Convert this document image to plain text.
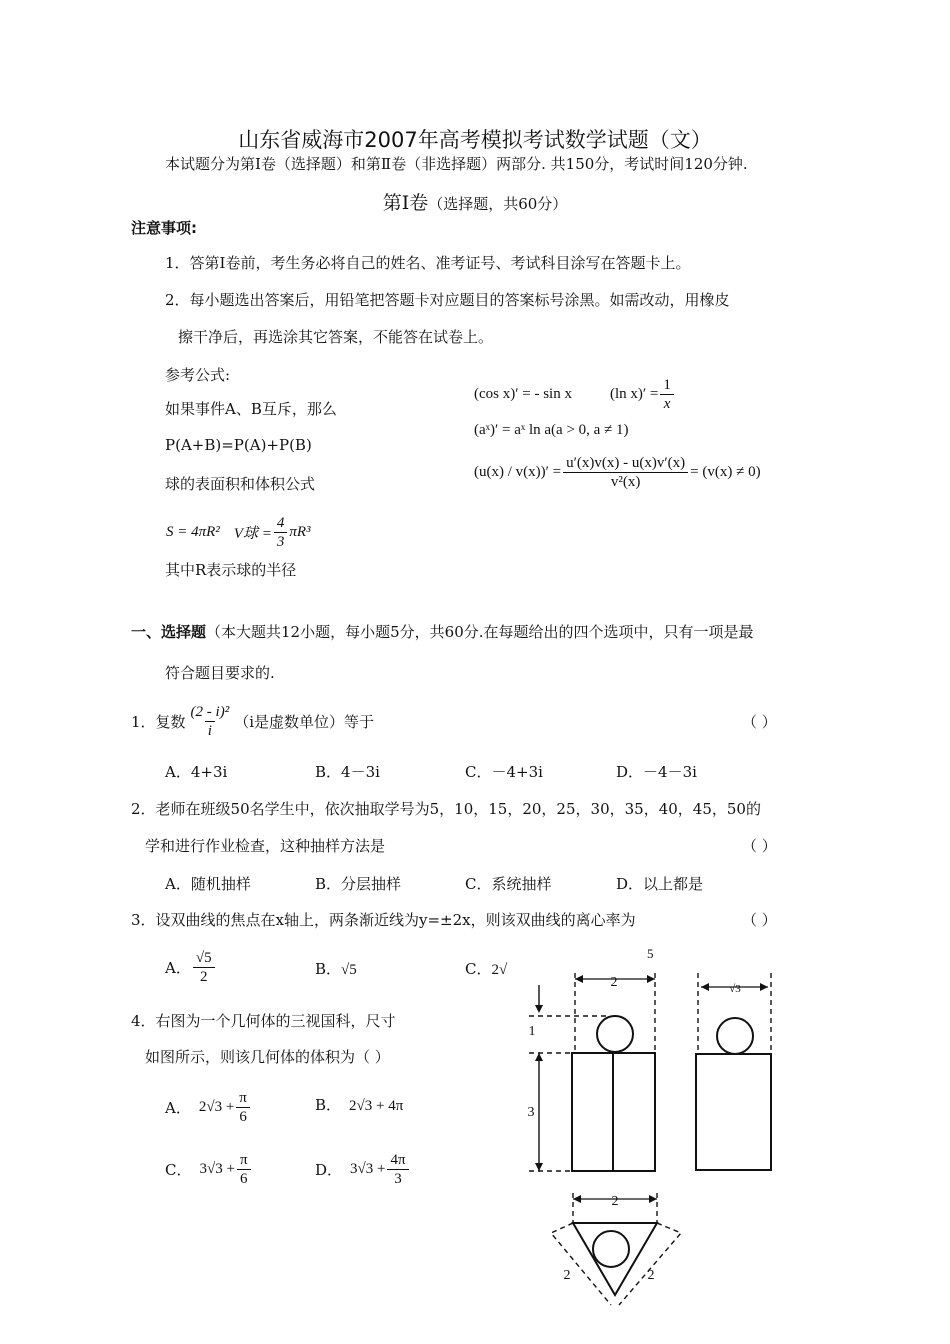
山东省威海市2007年高考模拟考试数学试题（文）
本试题分为第Ⅰ卷（选择题）和第Ⅱ卷（非选择题）两部分. 共150分，考试时间120分钟.
第Ⅰ卷（选择题，共60分）
注意事项:
1．答第I卷前，考生务必将自己的姓名、准考证号、考试科目涂写在答题卡上。
2．每小题选出答案后，用铅笔把答题卡对应题目的答案标号涂黑。如需改动，用橡皮
擦干净后，再选涂其它答案，不能答在试卷上。
参考公式:
如果事件A、B互斥，那么
P(A+B)=P(A)+P(B)
球的表面积和体积公式
S = 4πR² V球 = $\frac{4}{3} \pi R^3$
其中R表示球的半径
(cos x)′ = - sin x	(ln $x)' = \frac{1}{x}$
(aˣ)′ = aˣ ln a(a > 0, a ≠ 1)
$(u(x) / v(x))' = \frac{u'(x)v(x) - u(x)v'(x)}{\text{v²(x)}} = (v(x) \ne 0)$
一、选择题（本大题共12小题，每小题5分，共60分.在每题给出的四个选项中，只有一项是最
符合题目要求的.
1．复数 $\frac{\text{(2 - i)²}}{i} (i$是虚数单位）等于	（ ）
A．4+3i	B．4－3i	C．－4+3i	D．－4－3i
2．老师在班级50名学生中，依次抽取学号为5，10，15，20，25，30，35，40，45，50的
学和进行作业检查，这种抽样方法是	（ ）
A．随机抽样	B．分层抽样	C．系统抽样	D．以上都是
3．设双曲线的焦点在x轴上，两条渐近线为y=±2x，则该双曲线的离心率为	（ ）
A． $\frac{√5}{2}$	B．√5	C．2√
5
4．右图为一个几何体的三视国科，尺寸
如图所示，则该几何体的体积为（ ）
A． $2√3 + \frac{\pi}{6}$	B． 2√3 + 4π
C． $3√3 + \frac{\pi}{6}$	D． $3√3 + \frac{4\pi}{3}$
2	√3
1
3
2
2	2
